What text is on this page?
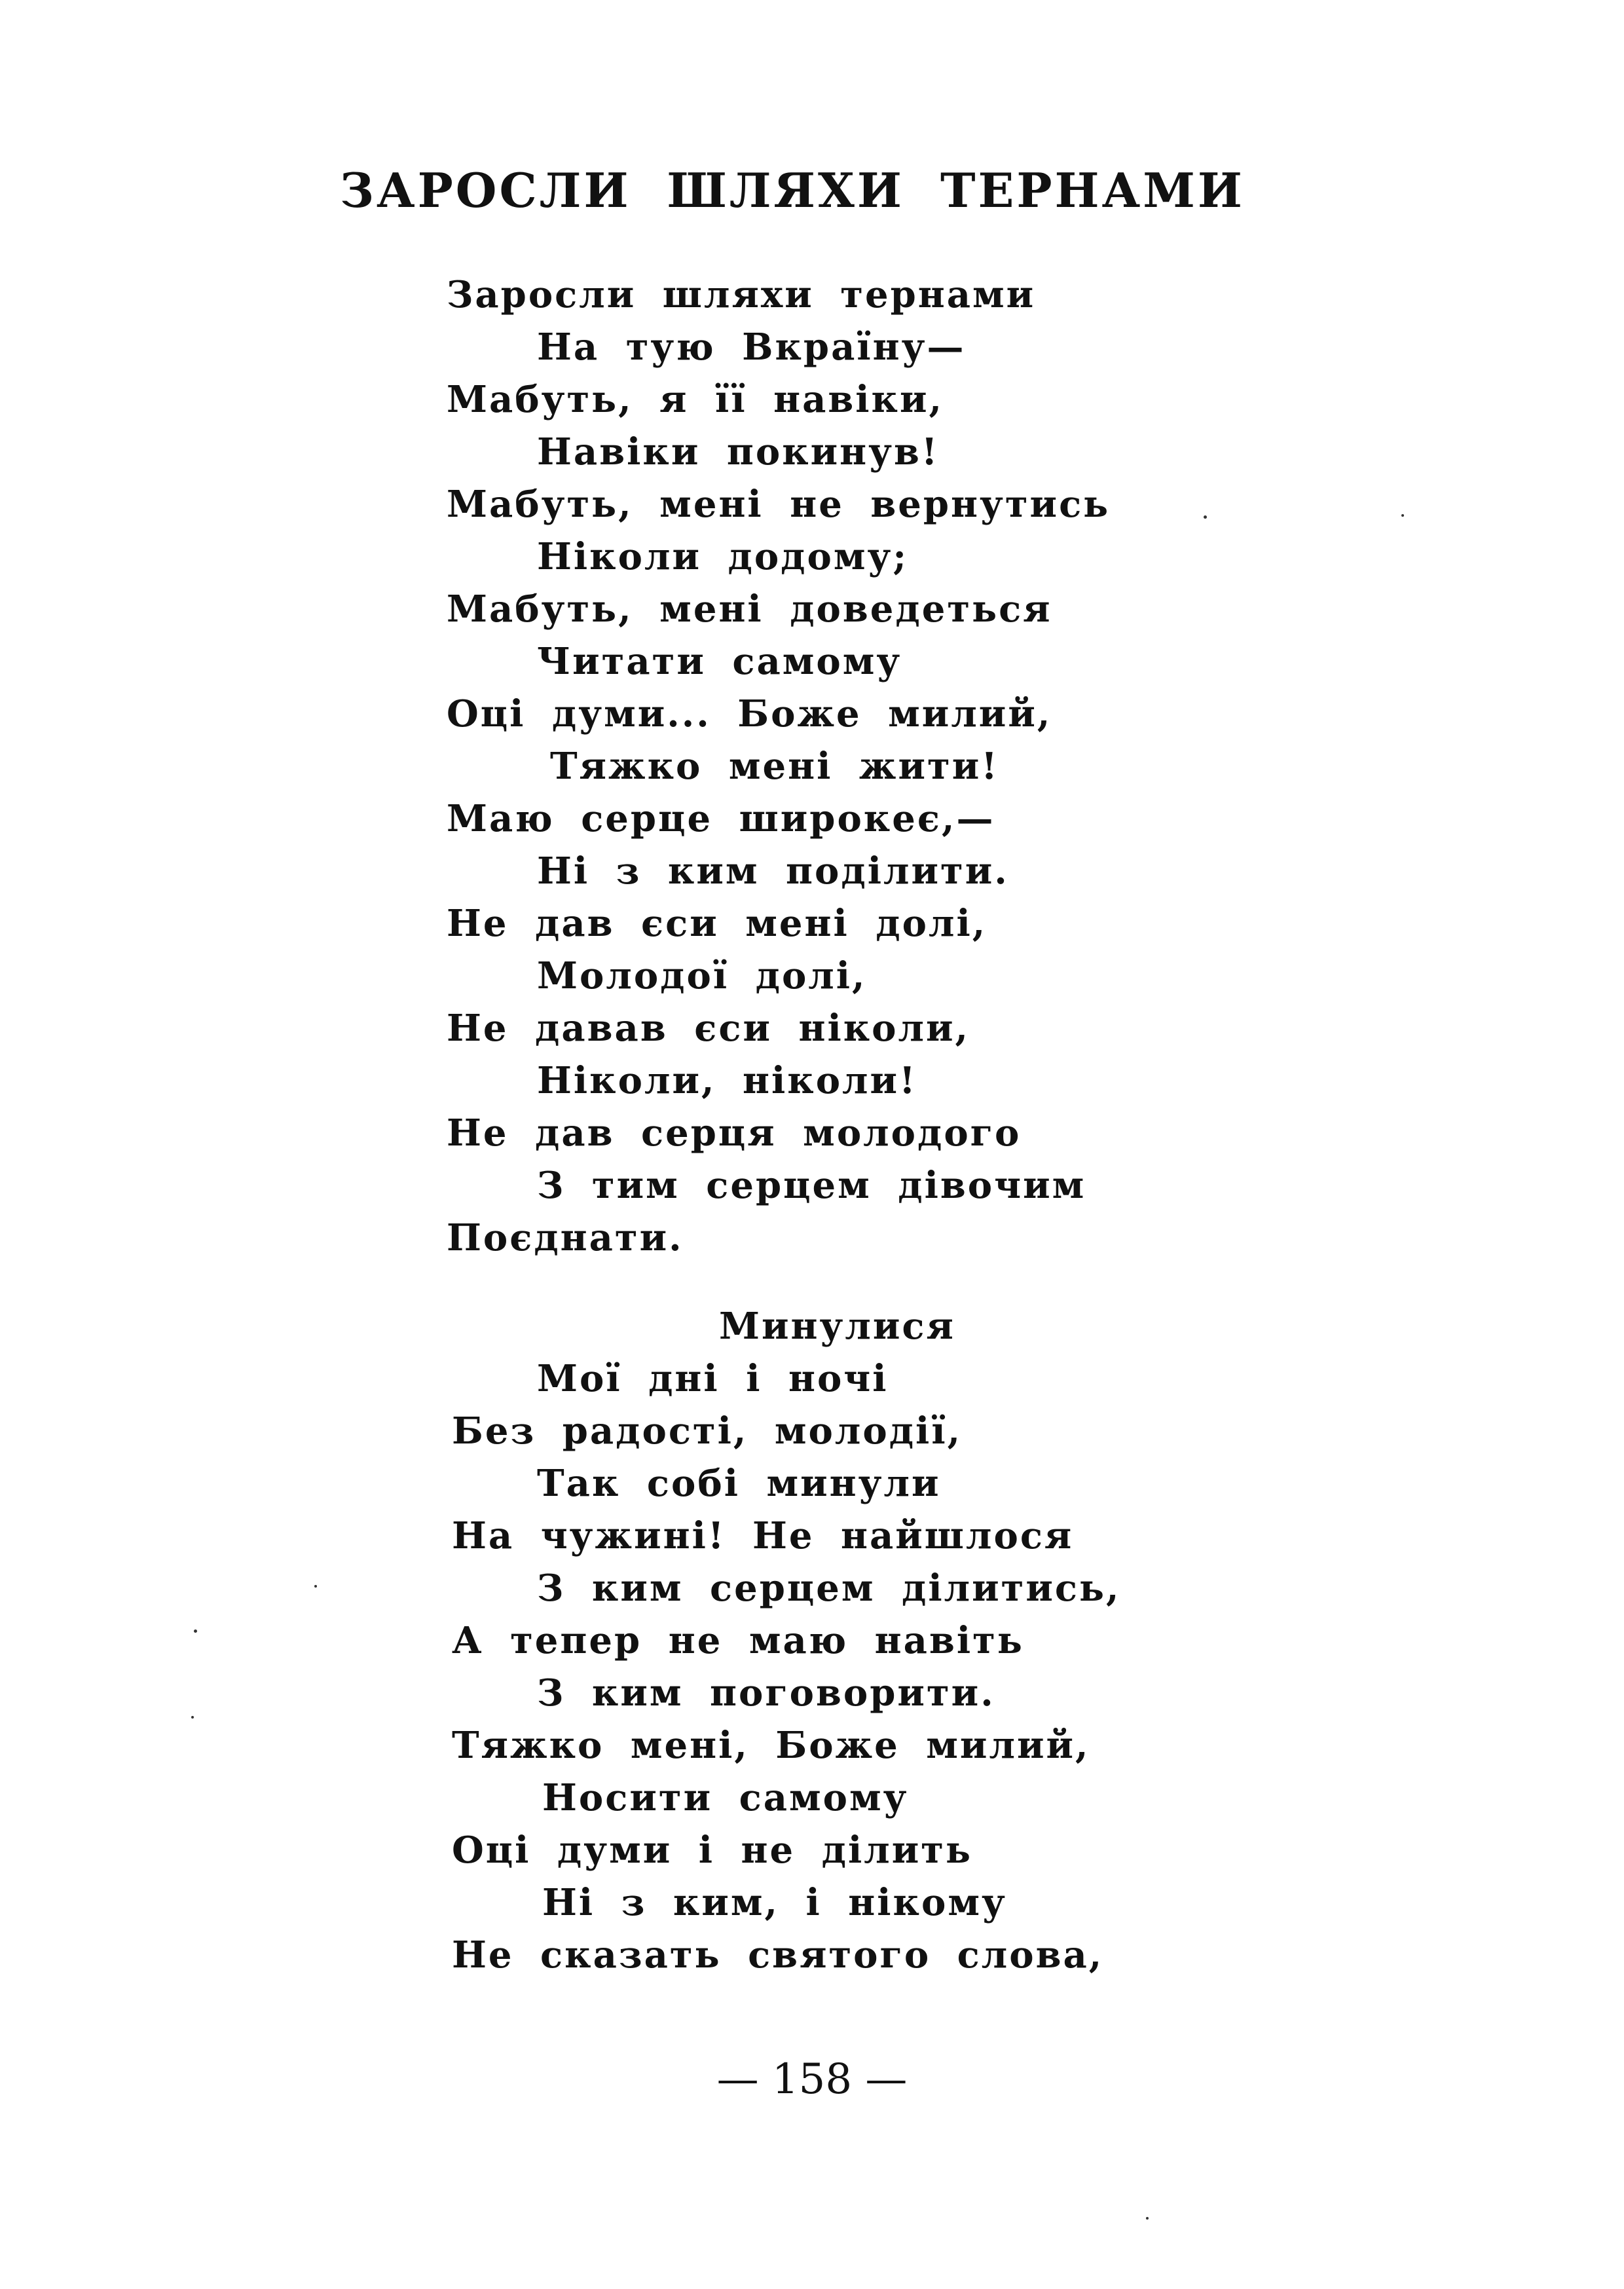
ЗАРОСЛИ ШЛЯХИ ТЕРНАМИ
Заросли шляхи тернами
На тую Вкраїну—
Мабуть, я її навіки,
Навіки покинув!
Мабуть, мені не вернутись
Ніколи додому;
Мабуть, мені доведеться
Читати самому
Оці думи... Боже милий,
Тяжко мені жити!
Маю серце широкеє,—
Ні з ким поділити.
Не дав єси мені долі,
Молодої долі,
Не давав єси ніколи,
Ніколи, ніколи!
Не дав серця молодого
З тим серцем дівочим
Поєднати.
Минулися
Мої дні і ночі
Без радості, молодії,
Так собі минули
На чужині! Не найшлося
З ким серцем ділитись,
А тепер не маю навіть
З ким поговорити.
Тяжко мені, Боже милий,
Носити самому
Оці думи і не ділить
Ні з ким, і нікому
Не сказать святого слова,
— 158 —
